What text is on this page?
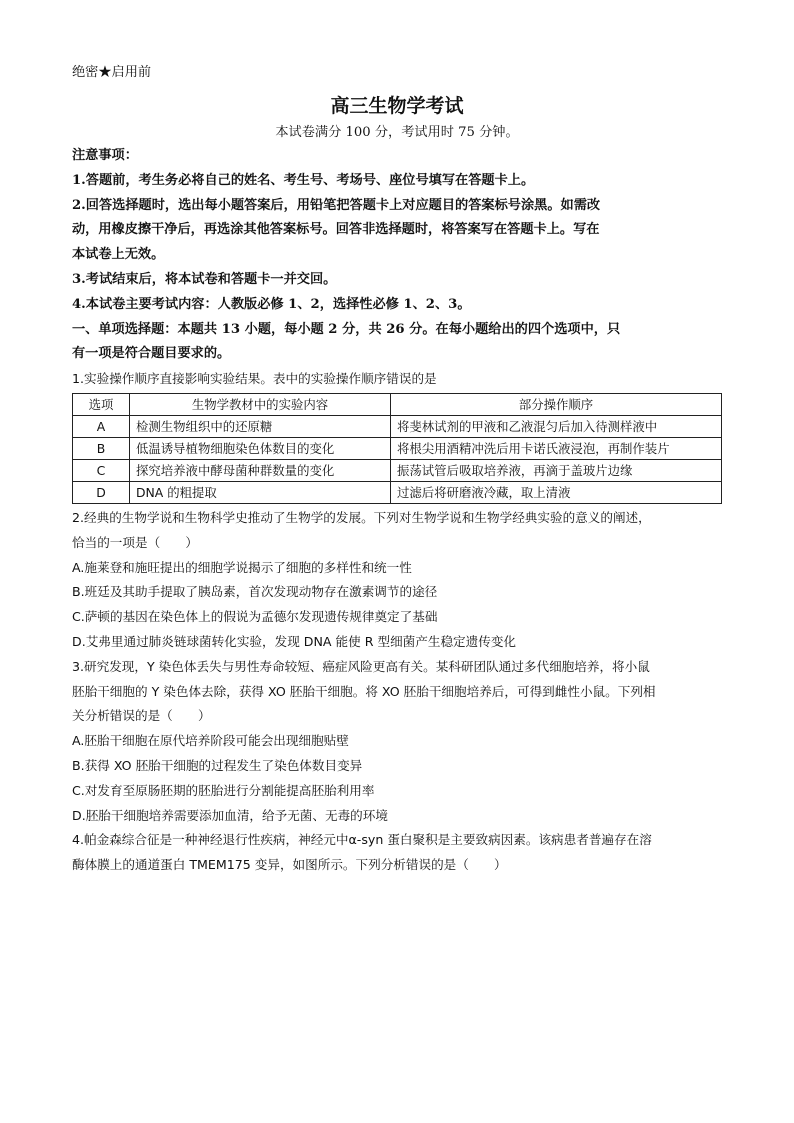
绝密★启用前
高三生物学考试
本试卷满分 100 分，考试用时 75 分钟。
注意事项：
1.答题前，考生务必将自己的姓名、考生号、考场号、座位号填写在答题卡上。
2.回答选择题时，选出每小题答案后，用铅笔把答题卡上对应题目的答案标号涂黑。如需改
动，用橡皮擦干净后，再选涂其他答案标号。回答非选择题时，将答案写在答题卡上。写在
本试卷上无效。
3.考试结束后，将本试卷和答题卡一并交回。
4.本试卷主要考试内容：人教版必修 1、2，选择性必修 1、2、3。
一、单项选择题：本题共 13 小题，每小题 2 分，共 26 分。在每小题给出的四个选项中，只
有一项是符合题目要求的。
1.实验操作顺序直接影响实验结果。表中的实验操作顺序错误的是
选项	生物学教材中的实验内容	部分操作顺序
A	检测生物组织中的还原糖	将斐林试剂的甲液和乙液混匀后加入待测样液中
B	低温诱导植物细胞染色体数目的变化	将根尖用酒精冲洗后用卡诺氏液浸泡，再制作装片
C	探究培养液中酵母菌种群数量的变化	振荡试管后吸取培养液，再滴于盖玻片边缘
D	DNA 的粗提取	过滤后将研磨液冷藏，取上清液
2.经典的生物学说和生物科学史推动了生物学的发展。下列对生物学说和生物学经典实验的意义的阐述，
恰当的一项是（　　）
A.施莱登和施旺提出的细胞学说揭示了细胞的多样性和统一性
B.班廷及其助手提取了胰岛素，首次发现动物存在激素调节的途径
C.萨顿的基因在染色体上的假说为孟德尔发现遗传规律奠定了基础
D.艾弗里通过肺炎链球菌转化实验，发现 DNA 能使 R 型细菌产生稳定遗传变化
3.研究发现，Y 染色体丢失与男性寿命较短、癌症风险更高有关。某科研团队通过多代细胞培养，将小鼠
胚胎干细胞的 Y 染色体去除，获得 XO 胚胎干细胞。将 XO 胚胎干细胞培养后，可得到雌性小鼠。下列相
关分析错误的是（　　）
A.胚胎干细胞在原代培养阶段可能会出现细胞贴壁
B.获得 XO 胚胎干细胞的过程发生了染色体数目变异
C.对发育至原肠胚期的胚胎进行分割能提高胚胎利用率
D.胚胎干细胞培养需要添加血清，给予无菌、无毒的环境
4.帕金森综合征是一种神经退行性疾病，神经元中α-syn 蛋白聚积是主要致病因素。该病患者普遍存在溶
酶体膜上的通道蛋白 TMEM175 变异，如图所示。下列分析错误的是（　　）
